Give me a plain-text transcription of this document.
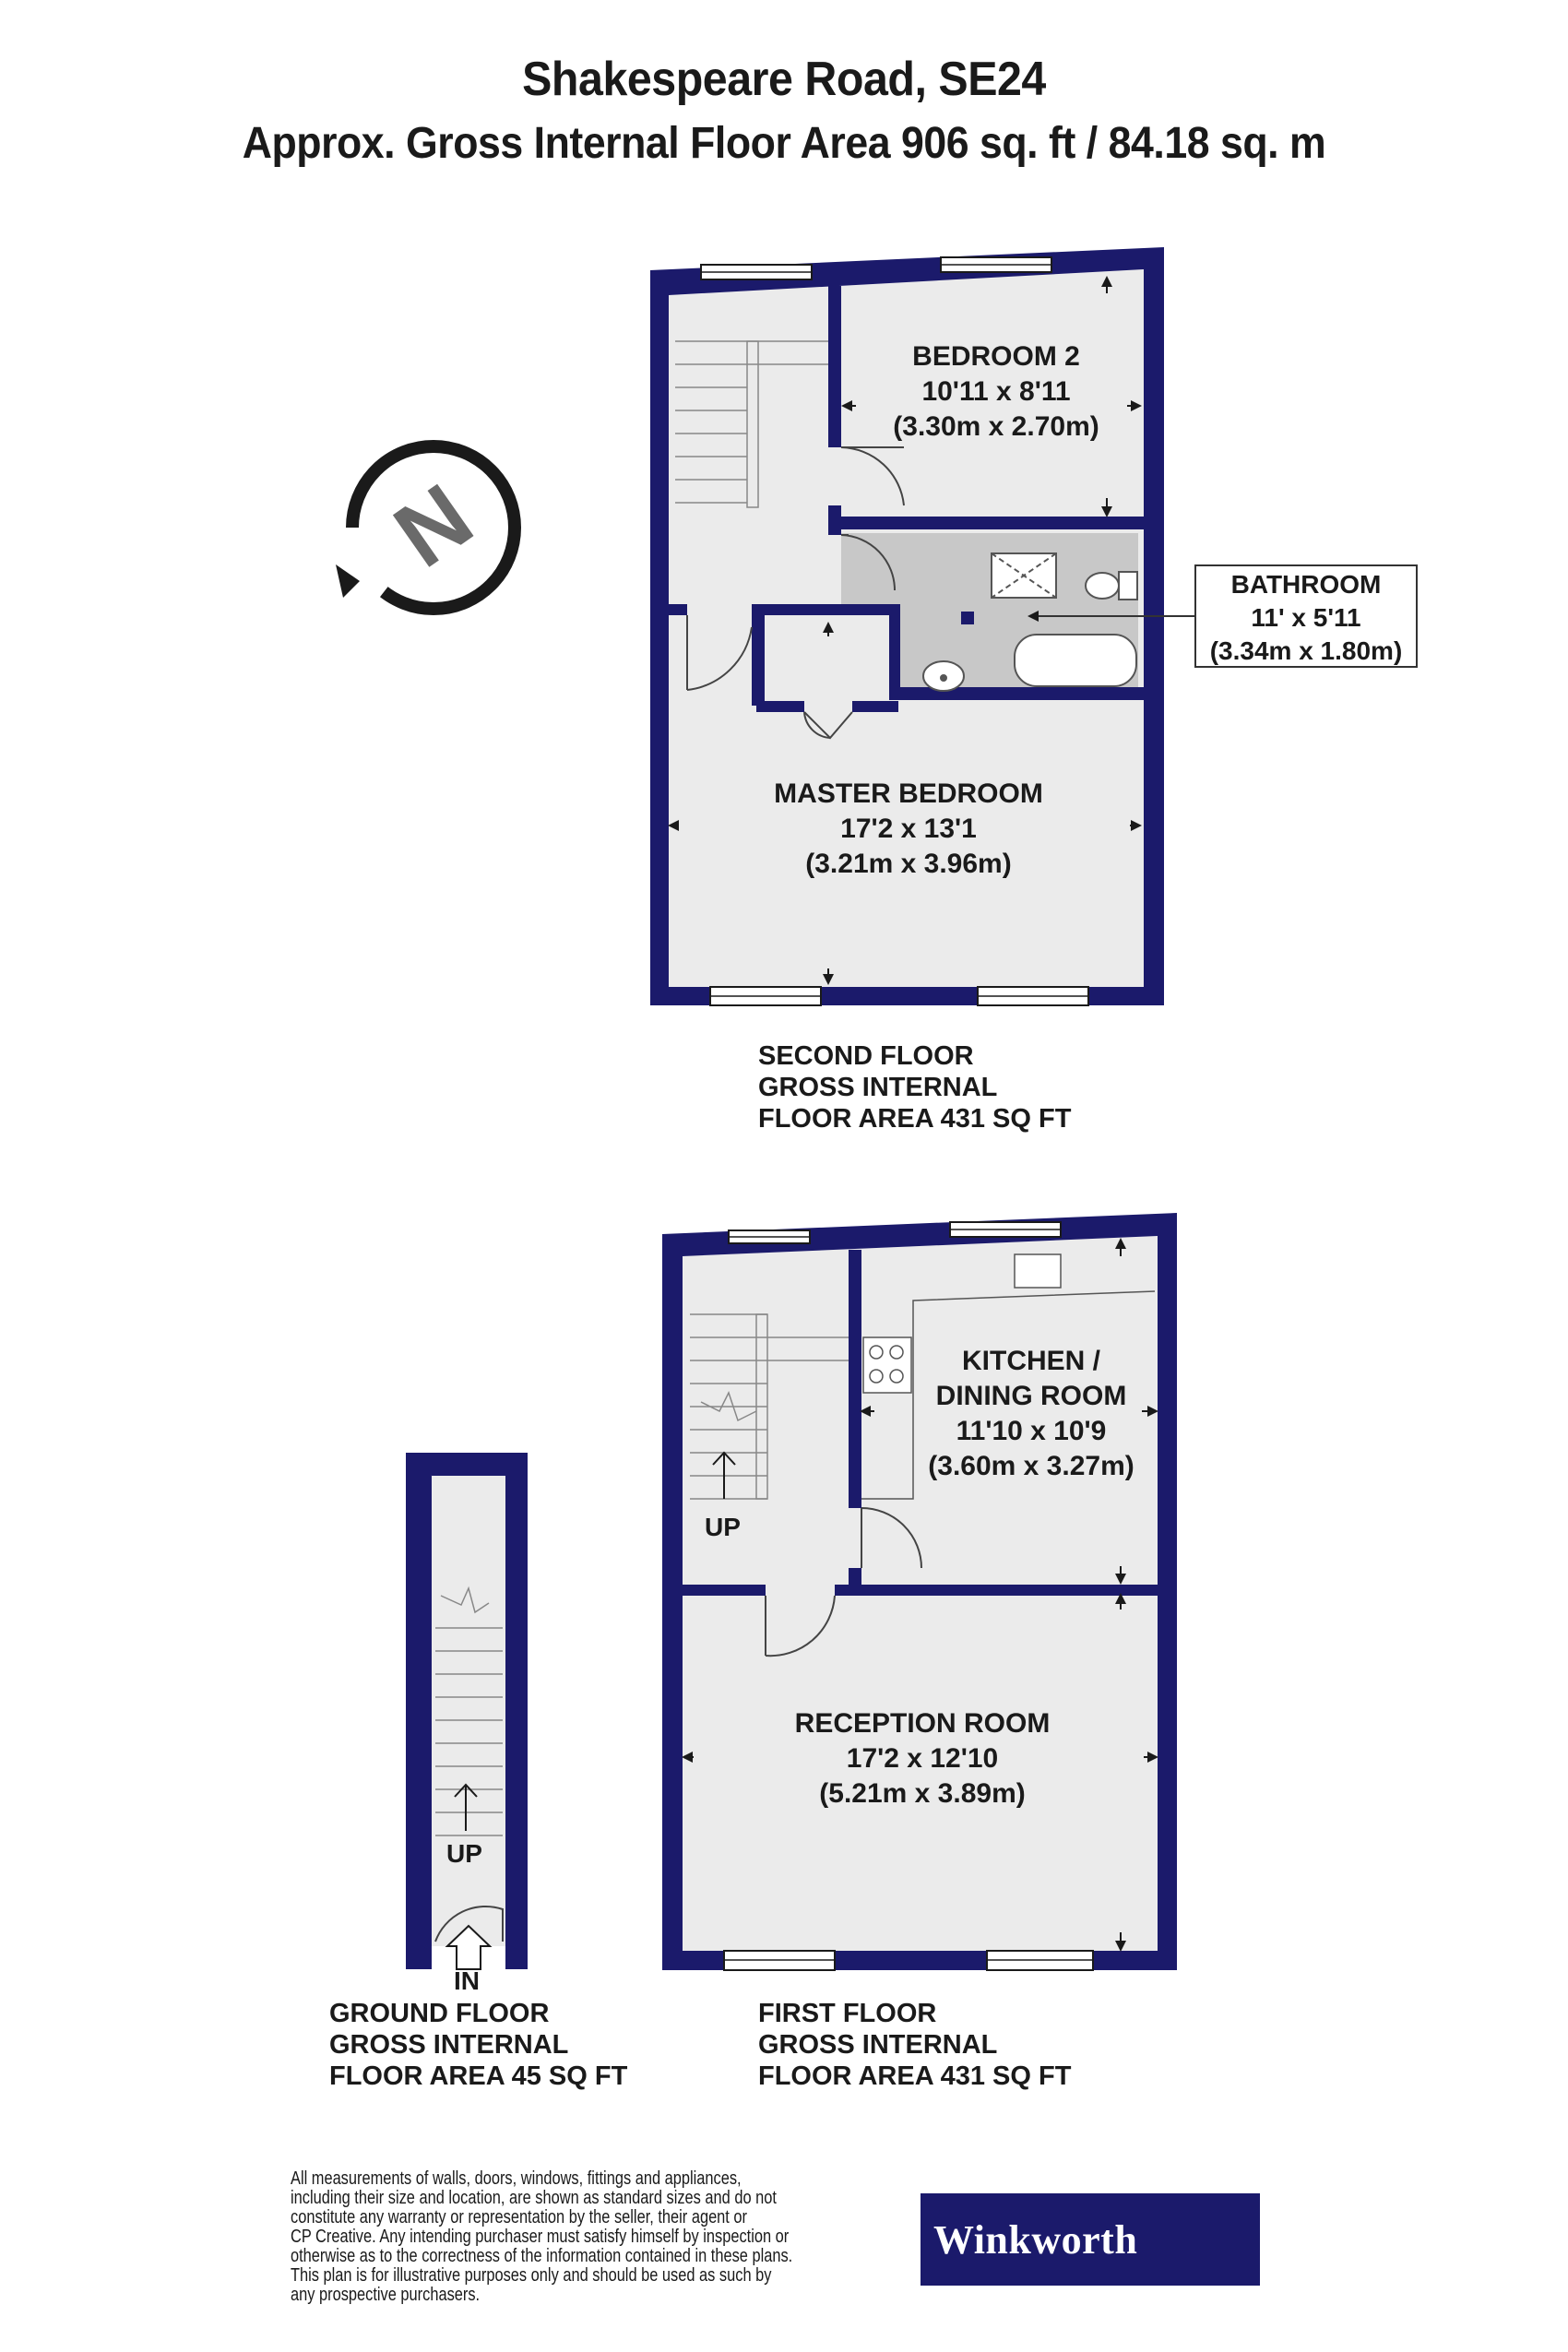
Shakespeare Road, SE24
Approx. Gross Internal Floor Area 906 sq. ft / 84.18 sq. m
N
BEDROOM 2
10'11 x 8'11
(3.30m x 2.70m)
BATHROOM
11' x 5'11
(3.34m x 1.80m)
MASTER BEDROOM
17'2 x 13'1
(3.21m x 3.96m)
SECOND FLOOR
GROSS INTERNAL
FLOOR AREA 431 SQ FT
KITCHEN /
DINING ROOM
11'10 x 10'9
(3.60m x 3.27m)
UP
RECEPTION ROOM
17'2 x 12'10
(5.21m x 3.89m)
FIRST FLOOR
GROSS INTERNAL
FLOOR AREA 431 SQ FT
UP
IN
GROUND FLOOR
GROSS INTERNAL
FLOOR AREA 45 SQ FT
All measurements of walls, doors, windows, fittings and appliances,
including their size and location, are shown as standard sizes and do not
constitute any warranty or representation by the seller, their agent or
CP Creative. Any intending purchaser must satisfy himself by inspection or
otherwise as to the correctness of the information contained in these plans.
This plan is for illustrative purposes only and should be used as such by
any prospective purchasers.
Winkworth
